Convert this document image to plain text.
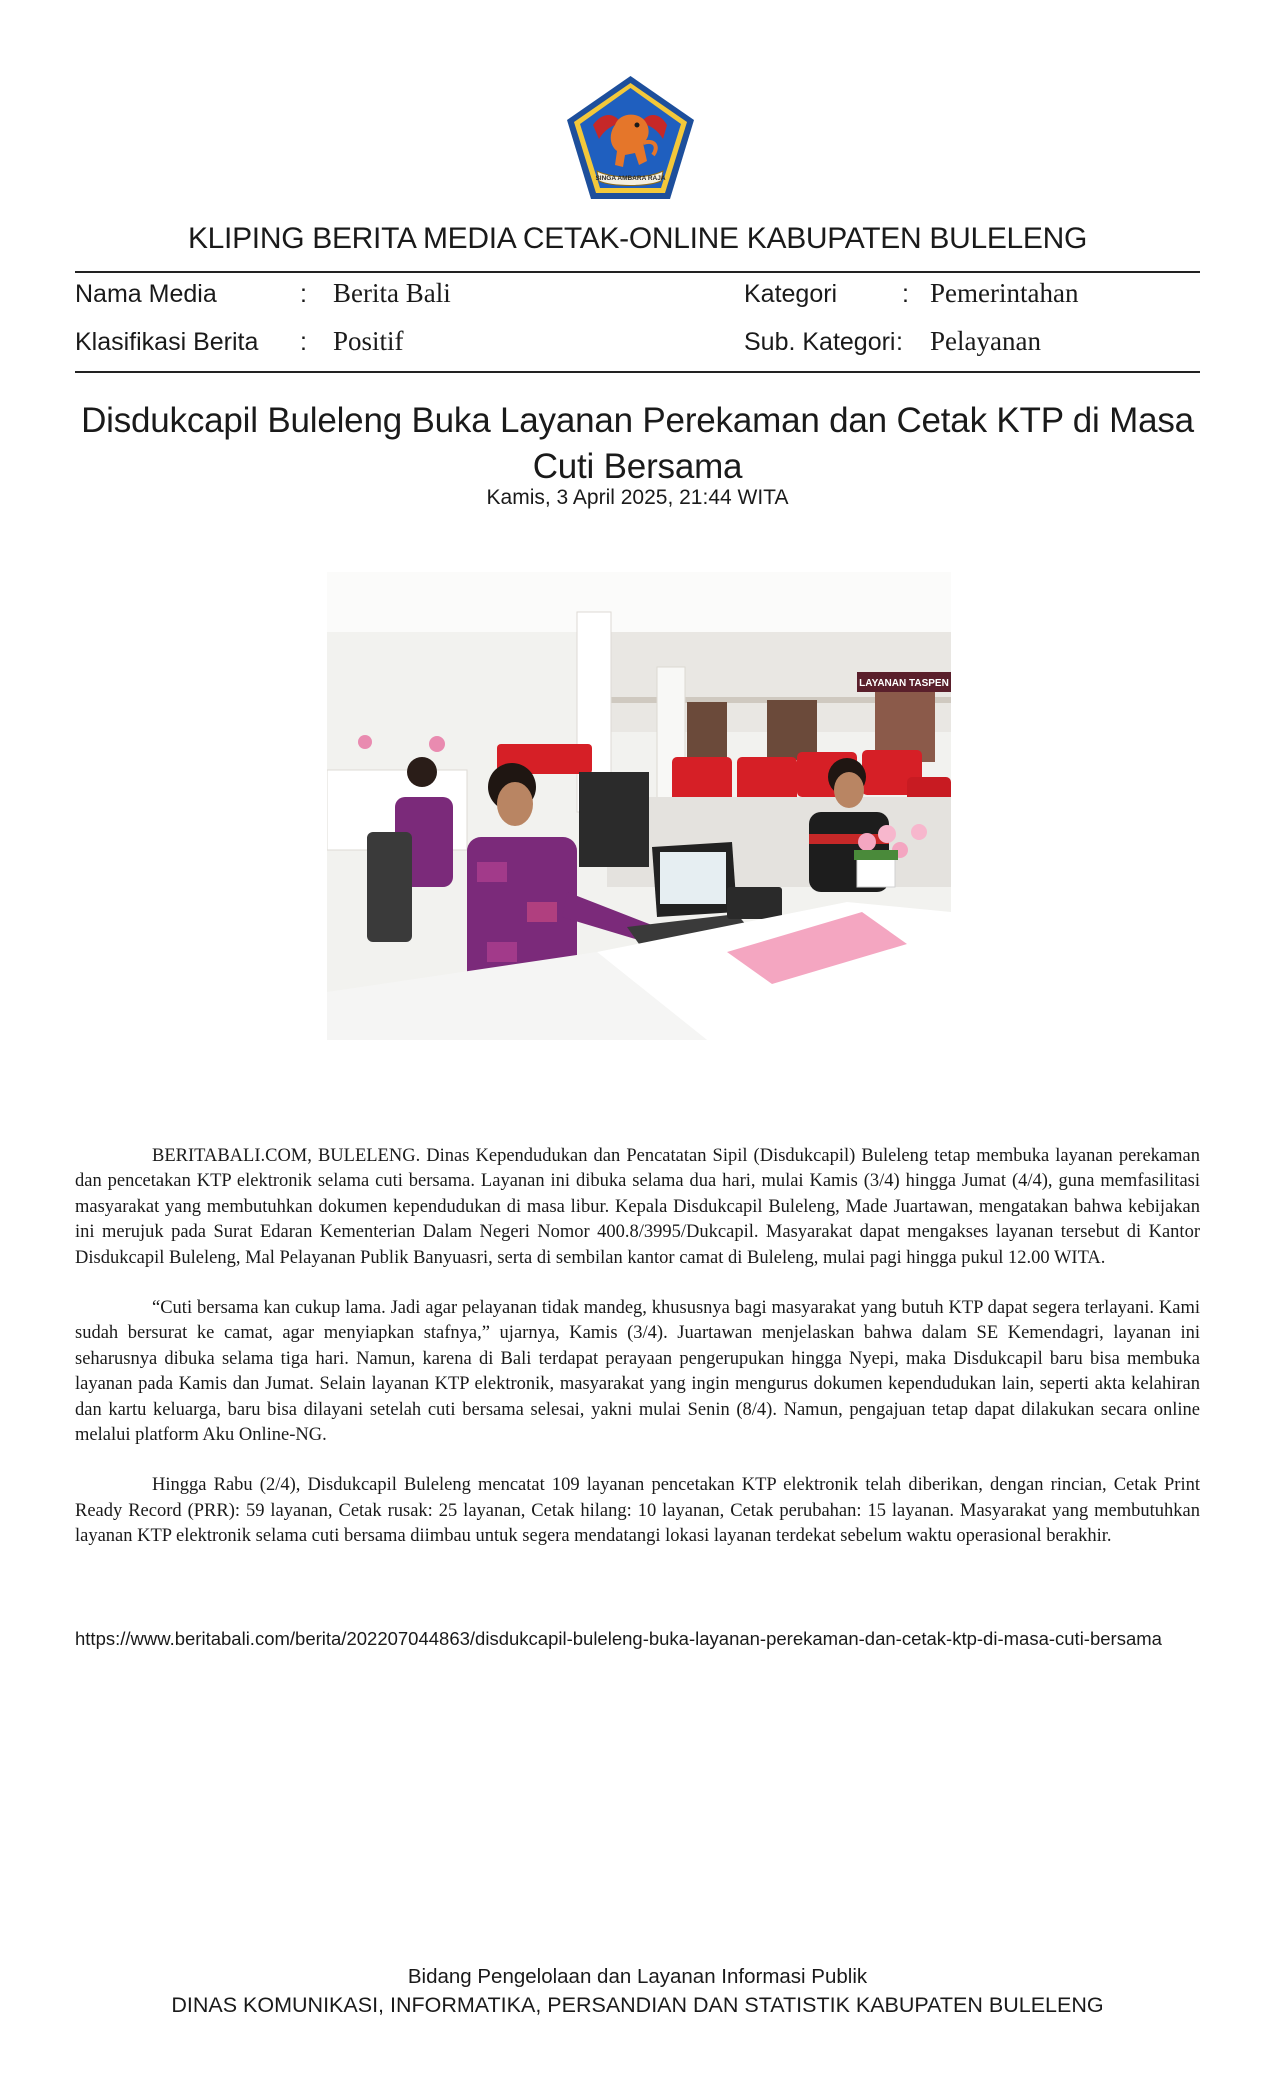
SINGA AMBARA RAJA
KLIPING BERITA MEDIA CETAK-ONLINE KABUPATEN BULELENG
Nama Media	: Berita Bali	Kategori	: Pemerintahan
Klasifikasi Berita : Positif	Sub. Kategori : Pelayanan
Disdukcapil Buleleng Buka Layanan Perekaman dan Cetak KTP di Masa Cuti Bersama
Kamis, 3 April 2025, 21:44 WITA
LAYANAN TASPEN

BERITABALI.COM, BULELENG. Dinas Kependudukan dan Pencatatan Sipil (Disdukcapil) Buleleng tetap membuka layanan perekaman dan pencetakan KTP elektronik selama cuti bersama. Layanan ini dibuka selama dua hari, mulai Kamis (3/4) hingga Jumat (4/4), guna memfasilitasi masyarakat yang membutuhkan dokumen kependudukan di masa libur. Kepala Disdukcapil Buleleng, Made Juartawan, mengatakan bahwa kebijakan ini merujuk pada Surat Edaran Kementerian Dalam Negeri Nomor 400.8/3995/Dukcapil. Masyarakat dapat mengakses layanan tersebut di Kantor Disdukcapil Buleleng, Mal Pelayanan Publik Banyuasri, serta di sembilan kantor camat di Buleleng, mulai pagi hingga pukul 12.00 WITA.

“Cuti bersama kan cukup lama. Jadi agar pelayanan tidak mandeg, khususnya bagi masyarakat yang butuh KTP dapat segera terlayani. Kami sudah bersurat ke camat, agar menyiapkan stafnya,” ujarnya, Kamis (3/4). Juartawan menjelaskan bahwa dalam SE Kemendagri, layanan ini seharusnya dibuka selama tiga hari. Namun, karena di Bali terdapat perayaan pengerupukan hingga Nyepi, maka Disdukcapil baru bisa membuka layanan pada Kamis dan Jumat. Selain layanan KTP elektronik, masyarakat yang ingin mengurus dokumen kependudukan lain, seperti akta kelahiran dan kartu keluarga, baru bisa dilayani setelah cuti bersama selesai, yakni mulai Senin (8/4). Namun, pengajuan tetap dapat dilakukan secara online melalui platform Aku Online-NG.

Hingga Rabu (2/4), Disdukcapil Buleleng mencatat 109 layanan pencetakan KTP elektronik telah diberikan, dengan rincian, Cetak Print Ready Record (PRR): 59 layanan, Cetak rusak: 25 layanan, Cetak hilang: 10 layanan, Cetak perubahan: 15 layanan. Masyarakat yang membutuhkan layanan KTP elektronik selama cuti bersama diimbau untuk segera mendatangi lokasi layanan terdekat sebelum waktu operasional berakhir.

https://www.beritabali.com/berita/202207044863/disdukcapil-buleleng-buka-layanan-perekaman-dan-cetak-ktp-di-masa-cuti-bersama
Bidang Pengelolaan dan Layanan Informasi Publik
DINAS KOMUNIKASI, INFORMATIKA, PERSANDIAN DAN STATISTIK KABUPATEN BULELENG
